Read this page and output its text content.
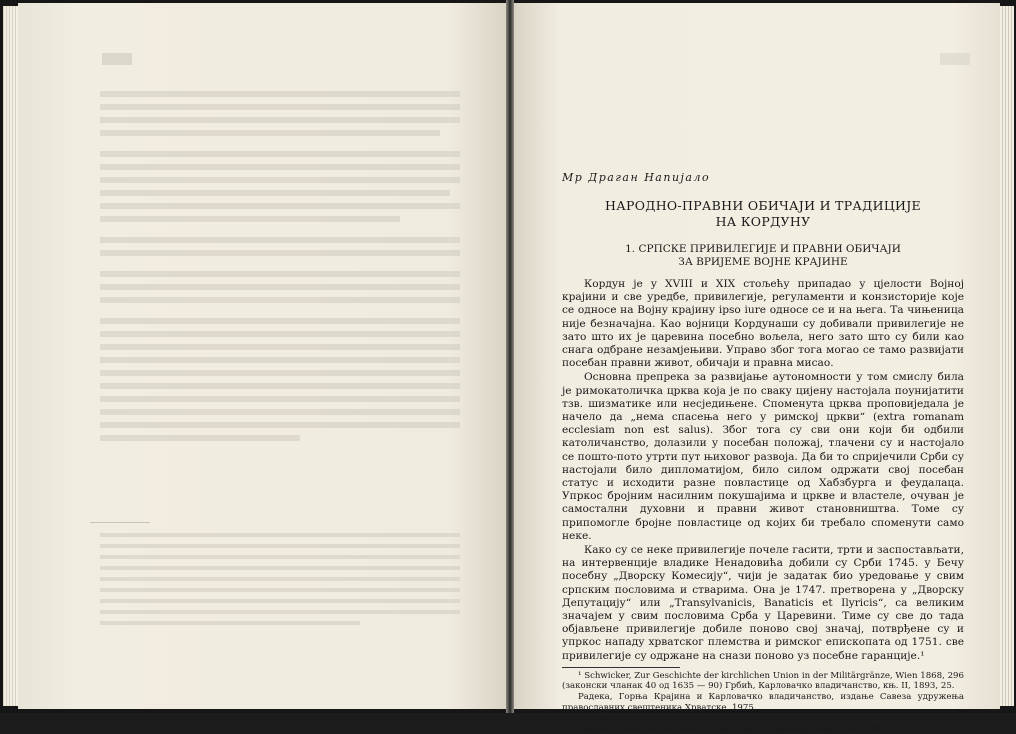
Мр Драган Напијало

НАРОДНО-ПРАВНИ ОБИЧАЈИ И ТРАДИЦИЈЕ
НА КОРДУНУ
1. СРПСКЕ ПРИВИЛЕГИЈЕ И ПРАВНИ ОБИЧАЈИ
ЗА ВРИЈЕМЕ ВОЈНЕ КРАЈИНЕ

Кордун је у XVIII и XIX стољећу припадао у цјелости Војној крајини и све уредбе, привилегије, регуламенти и конзисторије које се односе на Војну крајину ipso iure односе се и на њега. Та чињеница није безначајна. Као војници Кордунаши су добивали привилегије не зато што их је царевина посебно вољела, него зато што су били као снага одбране незамјењиви. Управо због тога могао се тамо развијати посебан правни живот, обичаји и правна мисао.

Основна препрека за развијање аутономности у том смислу била је римокатоличка црква која је по сваку цијену настојала поунијатити тзв. шизматике или несједињене. Споменута црква проповиједала је начело да „нема спасења него у римској цркви“ (extra romanam ecclesiam non est salus). Због тога су сви они који би одбили католичанство, долазили у посебан положај, тлачени су и настојало се пошто-пото утрти пут њиховог развоја. Да би то спријечили Срби су настојали било дипломатијом, било силом одржати свој посебан статус и исходити разне повластице од Хабзбурга и феудалаца. Упркос бројним насилним покушајима и цркве и властеле, очуван је самостални духовни и правни живот становништва. Томе су припомогле бројне повластице од којих би требало споменути само неке.

Како су се неке привилегије почеле гасити, трти и заспостављати, на интервенције владике Ненадовића добили су Срби 1745. у Бечу посебну „Дворску Комесију“, чији је задатак био уредовање у свим српским пословима и стварима. Она је 1747. претворена у „Дворску Депутацију“ или „Transylvanicis, Banaticis et Ilyricis“, са великим значајем у свим пословима Срба у Царевини. Тиме су све до тада објављене привилегије добиле поново свој значај, потврђене су и упркос нападу хрватског племства и римског епископата од 1751. све привилегије су одржане на снази поново уз посебне гаранције.¹

¹ Schwicker, Zur Geschichte der kirchlichen Union in der Militärgränze, Wien 1868, 296 (законски чланак 40 од 1635 — 90) Грбић, Карловачко владичанство, књ. II, 1893, 25.

Радека, Горња Крајина и Карловачко владичанство, издање Савеза удружења православних свештеника Хрватске, 1975.

Мушицки, Животопис Лукијана Мушицког, Нови Сад 1879.

Грујић, Привилегије Срба у Хрватској и Славонији, Нови Сад 1909.
